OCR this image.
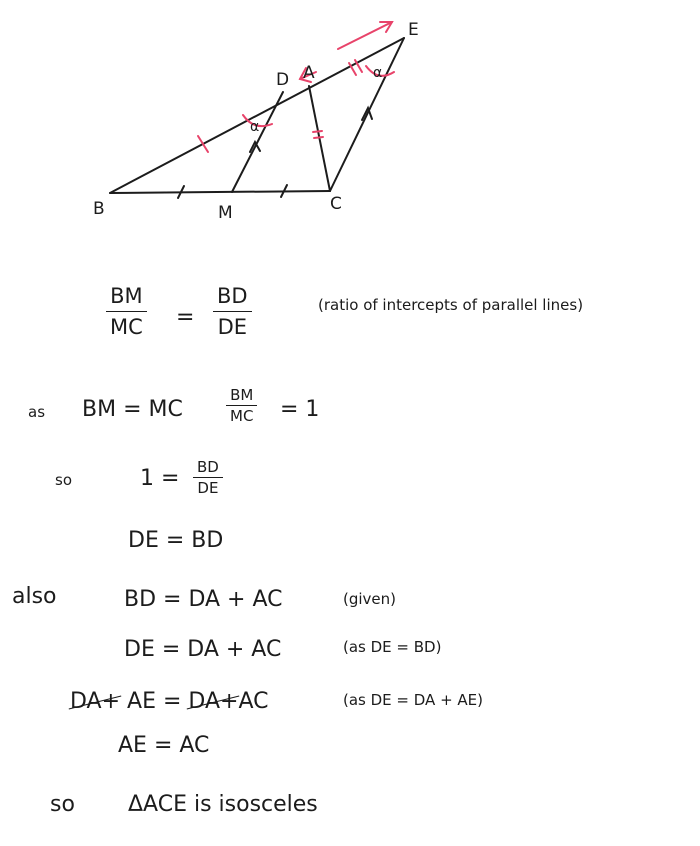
α
α
B	M	C
D A
E
$\frac{BM}{MC} = \frac{BD}{DE}$	(ratio of intercepts of parallel lines)
as BM = MC	$\frac{BM}{MC} = 1$
so	$1 = \frac{BD}{DE}$
DE = BD
also	BD = DA + AC	(given)
DE = DA + AC	(as DE = BD)
DA+ AE = DA+AC	(as DE = DA + AE)
AE = AC
so ΔACE is isosceles
